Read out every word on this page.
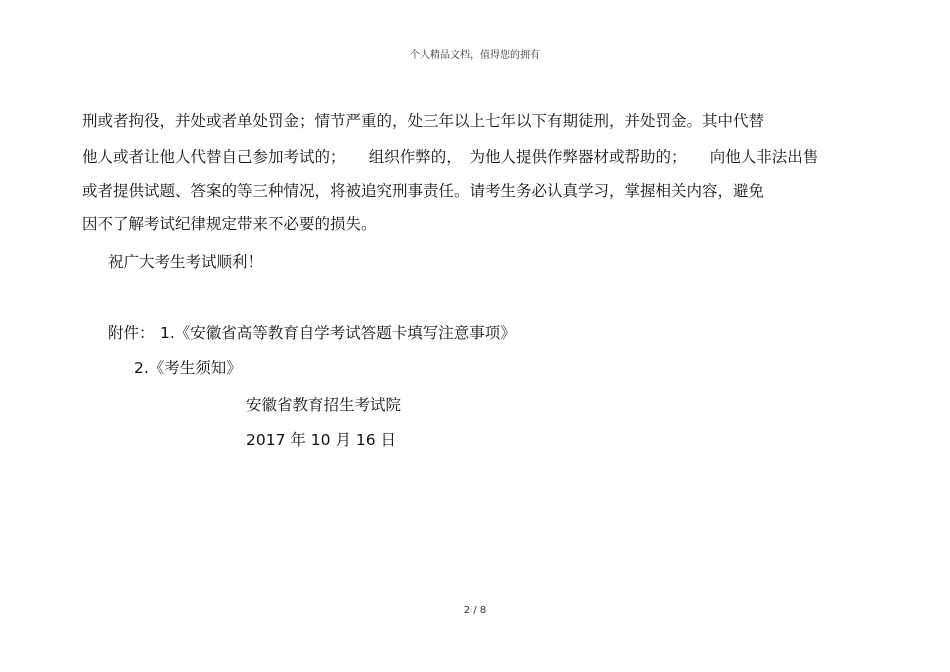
个人精品文档，值得您的拥有
刑或者拘役，并处或者单处罚金；情节严重的，处三年以上七年以下有期徒刑，并处罚金。其中代替
他人或者让他人代替自己参加考试的；　　组织作弊的，　为他人提供作弊器材或帮助的；　　向他人非法出售
或者提供试题、答案的等三种情况，将被追究刑事责任。请考生务必认真学习，掌握相关内容，避免
因不了解考试纪律规定带来不必要的损失。
祝广大考生考试顺利！
附件： 1.《安徽省高等教育自学考试答题卡填写注意事项》
2.《考生须知》
安徽省教育招生考试院
2017 年 10 月 16 日
2 / 8
